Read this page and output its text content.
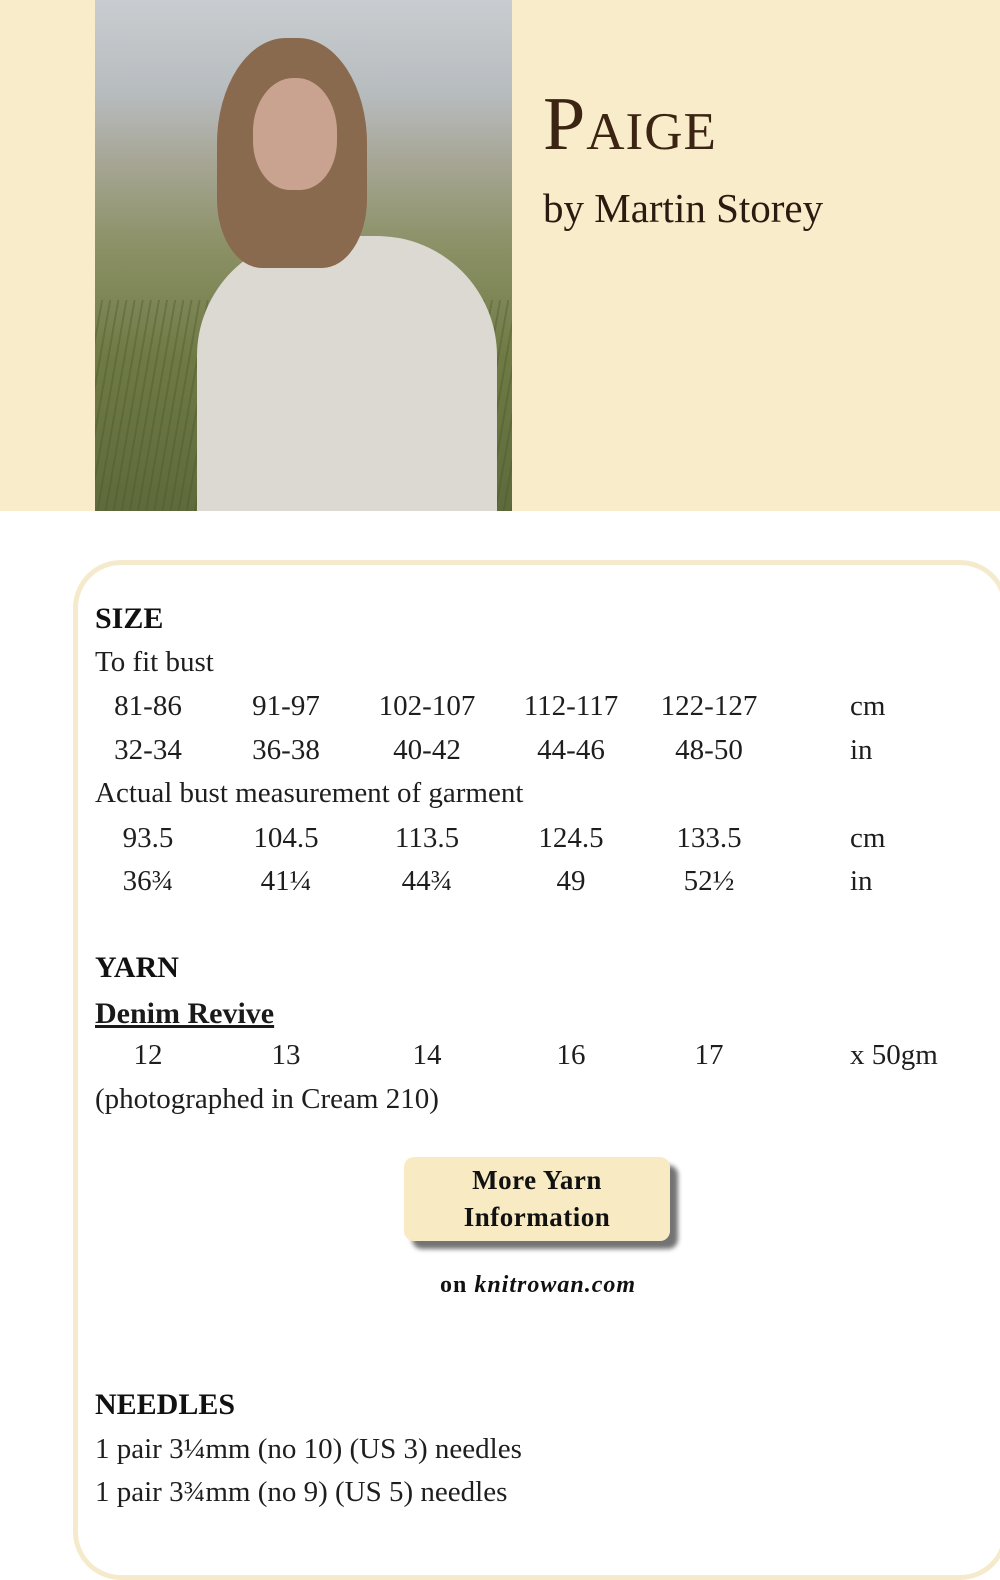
Paige

by Martin Storey

SIZE
To fit bust
81-86	91-97	102-107	112-117	122-127	cm
32-34	36-38	40-42	44-46	48-50	in
Actual bust measurement of garment
93.5	104.5	113.5	124.5	133.5	cm
36¾	41¼	44¾	49	52½	in
YARN
Denim Revive
12	13	14	16	17	x 50gm
(photographed in Cream 210)
More Yarn
Information
on knitrowan.com
NEEDLES
1 pair 3¼mm (no 10) (US 3) needles
1 pair 3¾mm (no 9) (US 5) needles
